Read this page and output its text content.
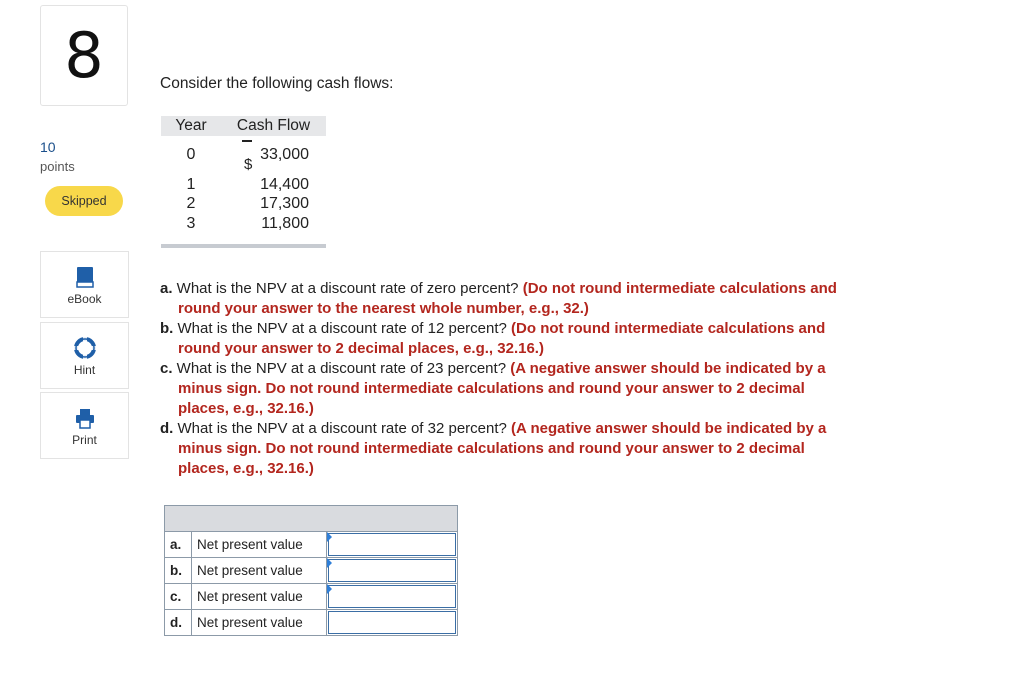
8
10
points
Skipped
eBook
Hint
Print
Consider the following cash flows:
Year	Cash Flow
$
0	33,000
1	14,400
2	17,300
3	11,800

a. What is the NPV at a discount rate of zero percent? (Do not round intermediate calculations and round your answer to the nearest whole number, e.g., 32.)

b. What is the NPV at a discount rate of 12 percent? (Do not round intermediate calculations and round your answer to 2 decimal places, e.g., 32.16.)

c. What is the NPV at a discount rate of 23 percent? (A negative answer should be indicated by a minus sign. Do not round intermediate calculations and round your answer to 2 decimal places, e.g., 32.16.)

d. What is the NPV at a discount rate of 32 percent? (A negative answer should be indicated by a minus sign. Do not round intermediate calculations and round your answer to 2 decimal places, e.g., 32.16.)

a.	Net present value
b.	Net present value
c.	Net present value
d.	Net present value
